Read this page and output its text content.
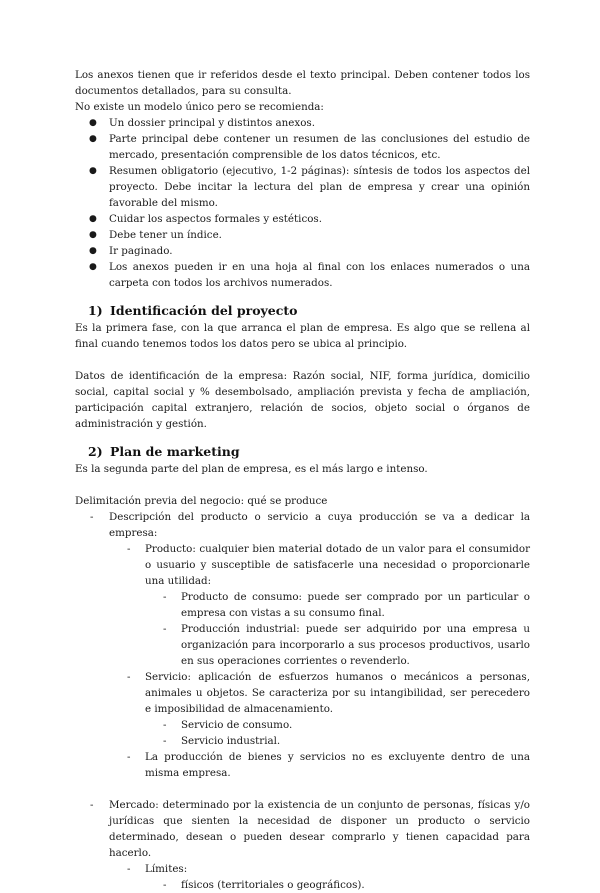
Los anexos tienen que ir referidos desde el texto principal. Deben contener todos los documentos detallados, para su consulta.

No existe un modelo único pero se recomienda:

● Un dossier principal y distintos anexos.
● Parte principal debe contener un resumen de las conclusiones del estudio de mercado, presentación comprensible de los datos técnicos, etc.
● Resumen obligatorio (ejecutivo, 1-2 páginas): síntesis de todos los aspectos del proyecto. Debe incitar la lectura del plan de empresa y crear una opinión favorable del mismo.
● Cuidar los aspectos formales y estéticos.
● Debe tener un índice.
● Ir paginado.
● Los anexos pueden ir en una hoja al final con los enlaces numerados o una carpeta con todos los archivos numerados.
1) Identificación del proyecto

Es la primera fase, con la que arranca el plan de empresa. Es algo que se rellena al final cuando tenemos todos los datos pero se ubica al principio.

Datos de identificación de la empresa: Razón social, NIF, forma jurídica, domicilio social, capital social y % desembolsado, ampliación prevista y fecha de ampliación, participación capital extranjero, relación de socios, objeto social o órganos de administración y gestión.

2) Plan de marketing

Es la segunda parte del plan de empresa, es el más largo e intenso.

Delimitación previa del negocio: qué se produce

- Descripción del producto o servicio a cuya producción se va a dedicar la empresa:
- Producto: cualquier bien material dotado de un valor para el consumidor o usuario y susceptible de satisfacerle una necesidad o proporcionarle una utilidad:
- Producto de consumo: puede ser comprado por un particular o empresa con vistas a su consumo final.
- Producción industrial: puede ser adquirido por una empresa u organización para incorporarlo a sus procesos productivos, usarlo en sus operaciones corrientes o revenderlo.
- Servicio: aplicación de esfuerzos humanos o mecánicos a personas, animales u objetos. Se caracteriza por su intangibilidad, ser perecedero e imposibilidad de almacenamiento.
- Servicio de consumo.
- Servicio industrial.
- La producción de bienes y servicios no es excluyente dentro de una misma empresa.
- Mercado: determinado por la existencia de un conjunto de personas, físicas y/o jurídicas que sienten la necesidad de disponer un producto o servicio determinado, desean o pueden desear comprarlo y tienen capacidad para hacerlo.
- Límites:
- físicos (territoriales o geográficos).
